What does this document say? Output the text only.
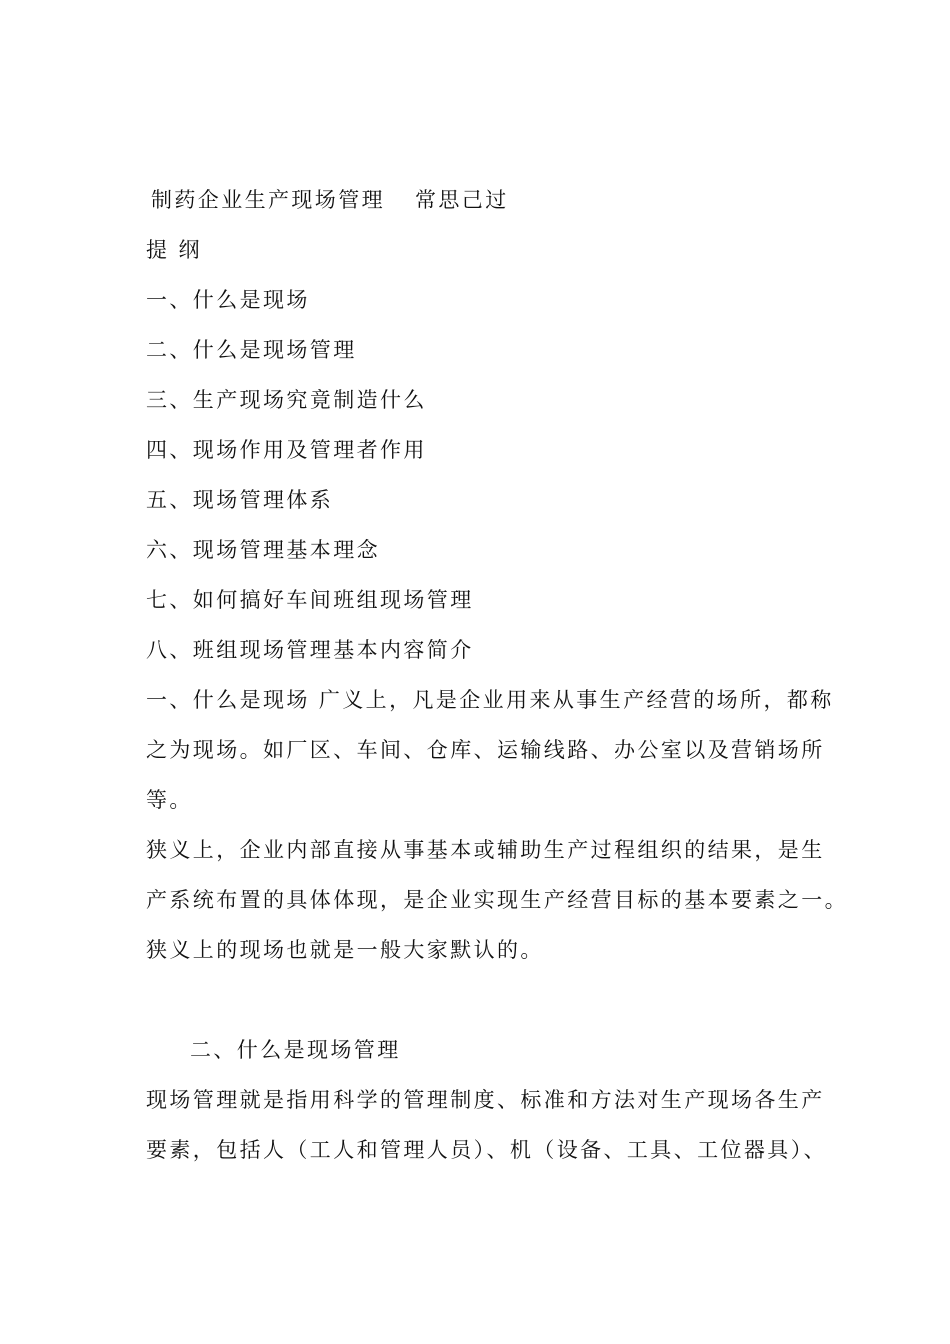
制药企业生产现场管理 常思己过
提 纲
一、什么是现场
二、什么是现场管理
三、生产现场究竟制造什么
四、现场作用及管理者作用
五、现场管理体系
六、现场管理基本理念
七、如何搞好车间班组现场管理
八、班组现场管理基本内容简介
一、什么是现场 广义上，凡是企业用来从事生产经营的场所，都称
之为现场。如厂区、车间、仓库、运输线路、办公室以及营销场所
等。
狭义上，企业内部直接从事基本或辅助生产过程组织的结果，是生
产系统布置的具体体现，是企业实现生产经营目标的基本要素之一。
狭义上的现场也就是一般大家默认的。
二、什么是现场管理
现场管理就是指用科学的管理制度、标准和方法对生产现场各生产
要素，包括人（工人和管理人员）、机（设备、工具、工位器具）、
